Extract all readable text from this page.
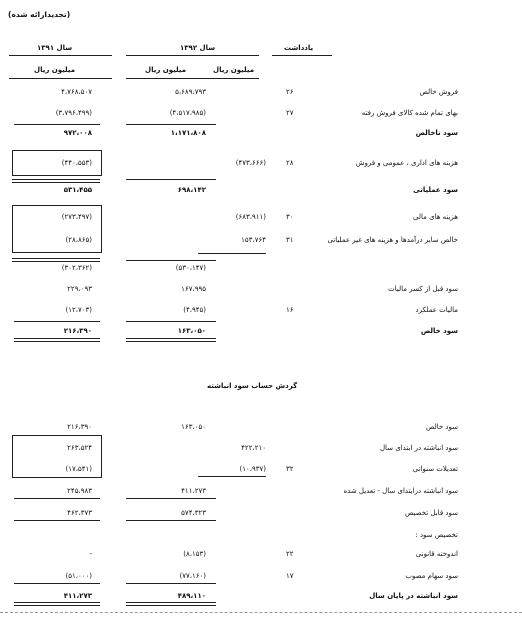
(تجدیدارائه شده)
یادداشت
سال ۱۳۹۲
سال ۱۳۹۱
میلیون ریال
میلیون ریال
میلیون ریال
فروش خالص
۲۶
۵،۶۸۹،۷۹۳
۴،۷۶۸،۵۰۷
بهای تمام شده کالای فروش رفته
۲۷
(۴،۵۱۷،۹۸۵)
(۳،۷۹۶،۴۹۹)
سود ناخالص
۱،۱۷۱،۸۰۸
۹۷۲،۰۰۸
هزینه های اداری ، عمومی و فروش
۲۸
(۴۷۳،۶۶۶)
(۴۴۰،۵۵۳)
سود عملیاتی
۶۹۸،۱۴۲
۵۳۱،۴۵۵
هزینه های مالی
۳۰
(۶۸۳،۹۱۱)
(۲۷۳،۴۹۷)
خالص سایر درآمدها و هزینه های غیر عملیاتی
۳۱
۱۵۳،۷۶۴
(۲۸،۸۶۵)
(۵۳۰،۱۴۷)
(۳۰۲،۳۶۲)
سود قبل از کسر مالیات
۱۶۷،۹۹۵
۲۲۹،۰۹۳
مالیات عملکرد
۱۶
(۴،۹۴۵)
(۱۲،۷۰۳)
سود خالص
۱۶۳،۰۵۰
۲۱۶،۳۹۰
گردش حساب سود انباشته
سود خالص
۱۶۳،۰۵۰
۲۱۶،۳۹۰
سود انباشته در ابتدای سال
۴۲۲،۲۱۰
۲۶۳،۵۲۴
تعدیلات سنواتی
۳۲
(۱۰،۹۳۷)
(۱۷،۵۴۱)
سود انباشته درابتدای سال - تعدیل شده
۴۱۱،۲۷۳
۲۴۵،۹۸۳
سود قابل تخصیص
۵۷۴،۳۲۳
۴۶۲،۳۷۳
تخصیص سود :
اندوخته قانونی
۲۲
(۸،۱۵۳)
-
سود سهام مصوب
۱۷
(۷۷،۱۶۰)
(۵۱،۰۰۰)
سود انباشته در پایان سال
۴۸۹،۱۱۰
۴۱۱،۲۷۳
